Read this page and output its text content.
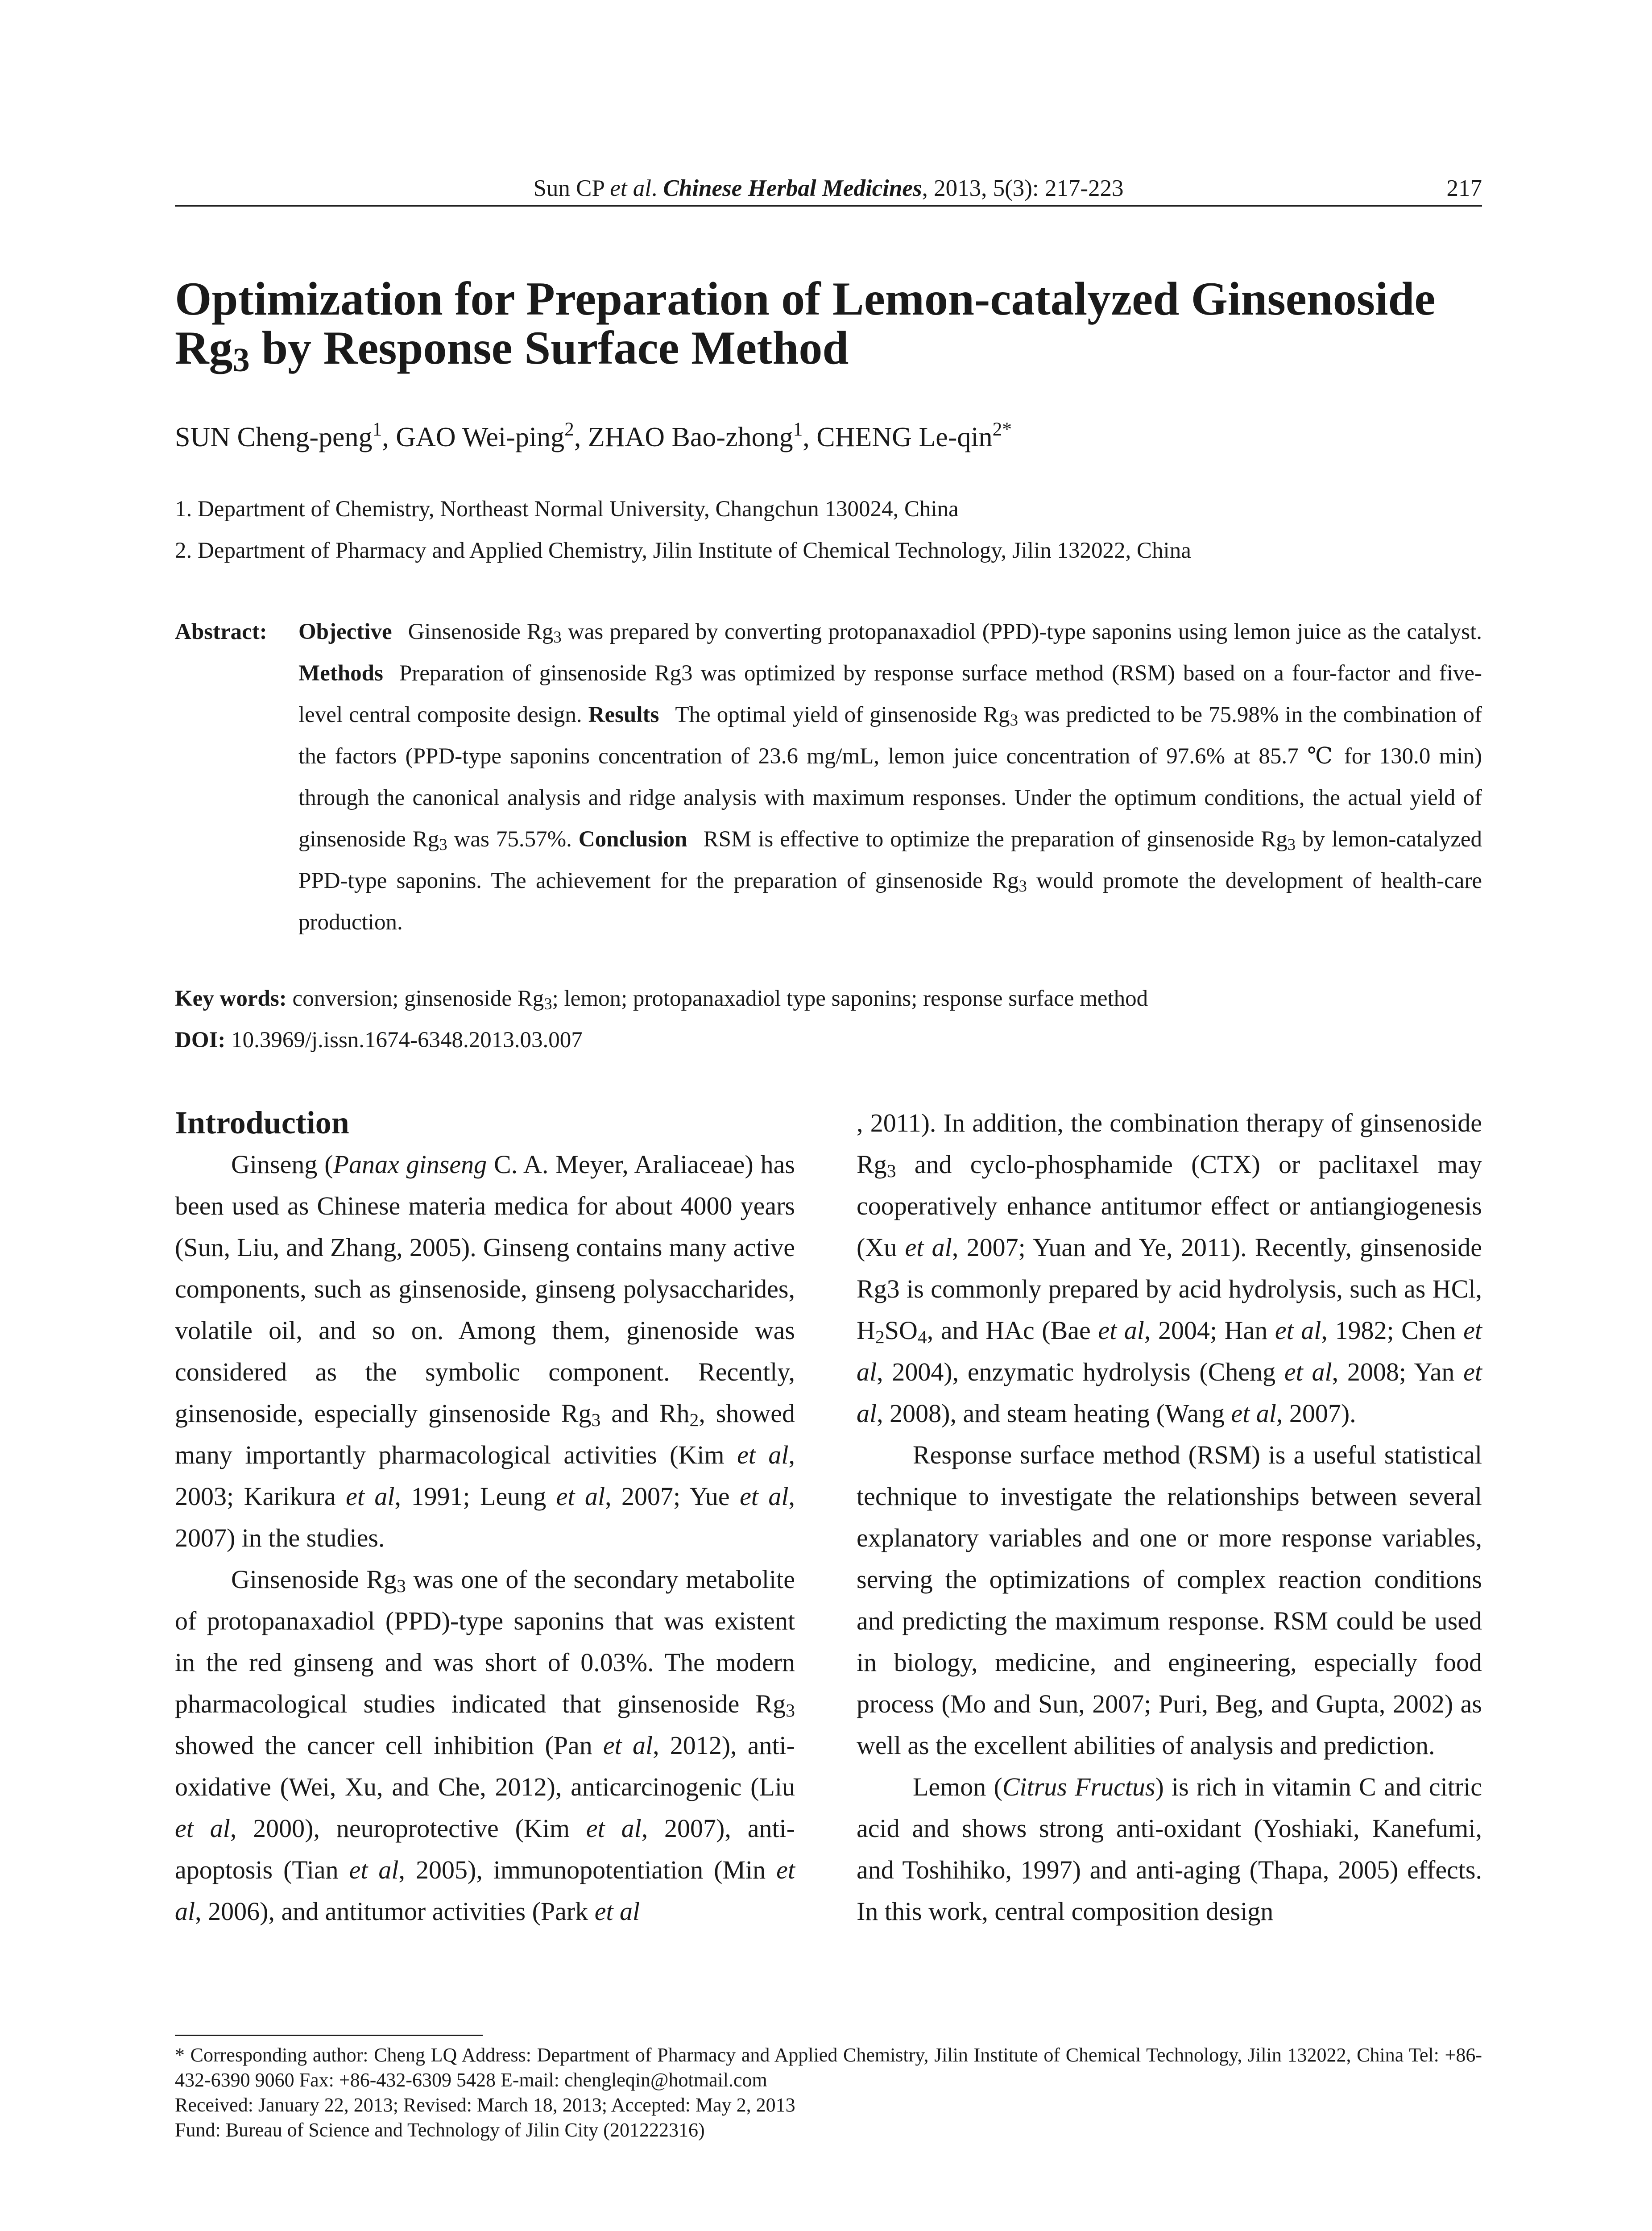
Sun CP et al. Chinese Herbal Medicines, 2013, 5(3): 217-223	217
Optimization for Preparation of Lemon-catalyzed Ginsenoside
$Rg_3$ by Response Surface Method
SUN Cheng-peng$^1$, GAO Wei-ping$^2$, ZHAO Bao-zhong$^1$, CHENG Le-qin$^{2*}$
1. Department of Chemistry, Northeast Normal University, Changchun 130024, China
2. Department of Pharmacy and Applied Chemistry, Jilin Institute of Chemical Technology, Jilin 132022, China
Abstract: Objective Ginsenoside $Rg_3$ was prepared by converting protopanaxadiol (PPD)-type saponins using lemon juice as the catalyst. Methods Preparation of ginsenoside Rg3 was optimized by response surface method (RSM) based on a four-factor and five-level central composite design. Results The optimal yield of ginsenoside $Rg_3$ was predicted to be 75.98% in the combination of the factors (PPD-type saponins concentration of 23.6 mg/mL, lemon juice concentration of 97.6% at 85.7 ℃ for 130.0 min) through the canonical analysis and ridge analysis with maximum responses. Under the optimum conditions, the actual yield of ginsenoside $Rg_3$ was 75.57%. Conclusion RSM is effective to optimize the preparation of ginsenoside $Rg_3$ by lemon-catalyzed PPD-type saponins. The achievement for the preparation of ginsenoside $Rg_3$ would promote the development of health-care production.
Key words: conversion; ginsenoside $Rg_3$; lemon; protopanaxadiol type saponins; response surface method
DOI: 10.3969/j.issn.1674-6348.2013.03.007
Introduction

Ginseng (Panax ginseng C. A. Meyer, Araliaceae) has been used as Chinese materia medica for about 4000 years (Sun, Liu, and Zhang, 2005). Ginseng contains many active components, such as ginsenoside, ginseng polysaccharides, volatile oil, and so on. Among them, ginenoside was considered as the symbolic component. Recently, ginsenoside, especially ginsenoside $Rg_3$ and $Rh_2$, showed many importantly pharmacological activities (Kim et al, 2003; Karikura et al, 1991; Leung et al, 2007; Yue et al, 2007) in the studies.

Ginsenoside $Rg_3$ was one of the secondary metabolite of protopanaxadiol (PPD)-type saponins that was existent in the red ginseng and was short of 0.03%. The modern pharmacological studies indicated that ginsenoside $Rg_3$ showed the cancer cell inhibition (Pan et al, 2012), anti-oxidative (Wei, Xu, and Che, 2012), anticarcinogenic (Liu et al, 2000), neuroprotective (Kim et al, 2007), anti-apoptosis (Tian et al, 2005), immunopotentiation (Min et al, 2006), and antitumor activities (Park et al

, 2011). In addition, the combination therapy of ginsenoside $Rg_3$ and cyclo-phosphamide (CTX) or paclitaxel may cooperatively enhance antitumor effect or antiangiogenesis (Xu et al, 2007; Yuan and Ye, 2011). Recently, ginsenoside Rg3 is commonly prepared by acid hydrolysis, such as HCl, $H_2SO_4$, and HAc (Bae et al, 2004; Han et al, 1982; Chen et al, 2004), enzymatic hydrolysis (Cheng et al, 2008; Yan et al, 2008), and steam heating (Wang et al, 2007).

Response surface method (RSM) is a useful statistical technique to investigate the relationships between several explanatory variables and one or more response variables, serving the optimizations of complex reaction conditions and predicting the maximum response. RSM could be used in biology, medicine, and engineering, especially food process (Mo and Sun, 2007; Puri, Beg, and Gupta, 2002) as well as the excellent abilities of analysis and prediction.

Lemon (Citrus Fructus) is rich in vitamin C and citric acid and shows strong anti-oxidant (Yoshiaki, Kanefumi, and Toshihiko, 1997) and anti-aging (Thapa, 2005) effects. In this work, central composition design

* Corresponding author: Cheng LQ Address: Department of Pharmacy and Applied Chemistry, Jilin Institute of Chemical Technology, Jilin 132022, China Tel: +86-432-6390 9060 Fax: +86-432-6309 5428 E-mail: chengleqin@hotmail.com

Received: January 22, 2013; Revised: March 18, 2013; Accepted: May 2, 2013

Fund: Bureau of Science and Technology of Jilin City (201222316)
